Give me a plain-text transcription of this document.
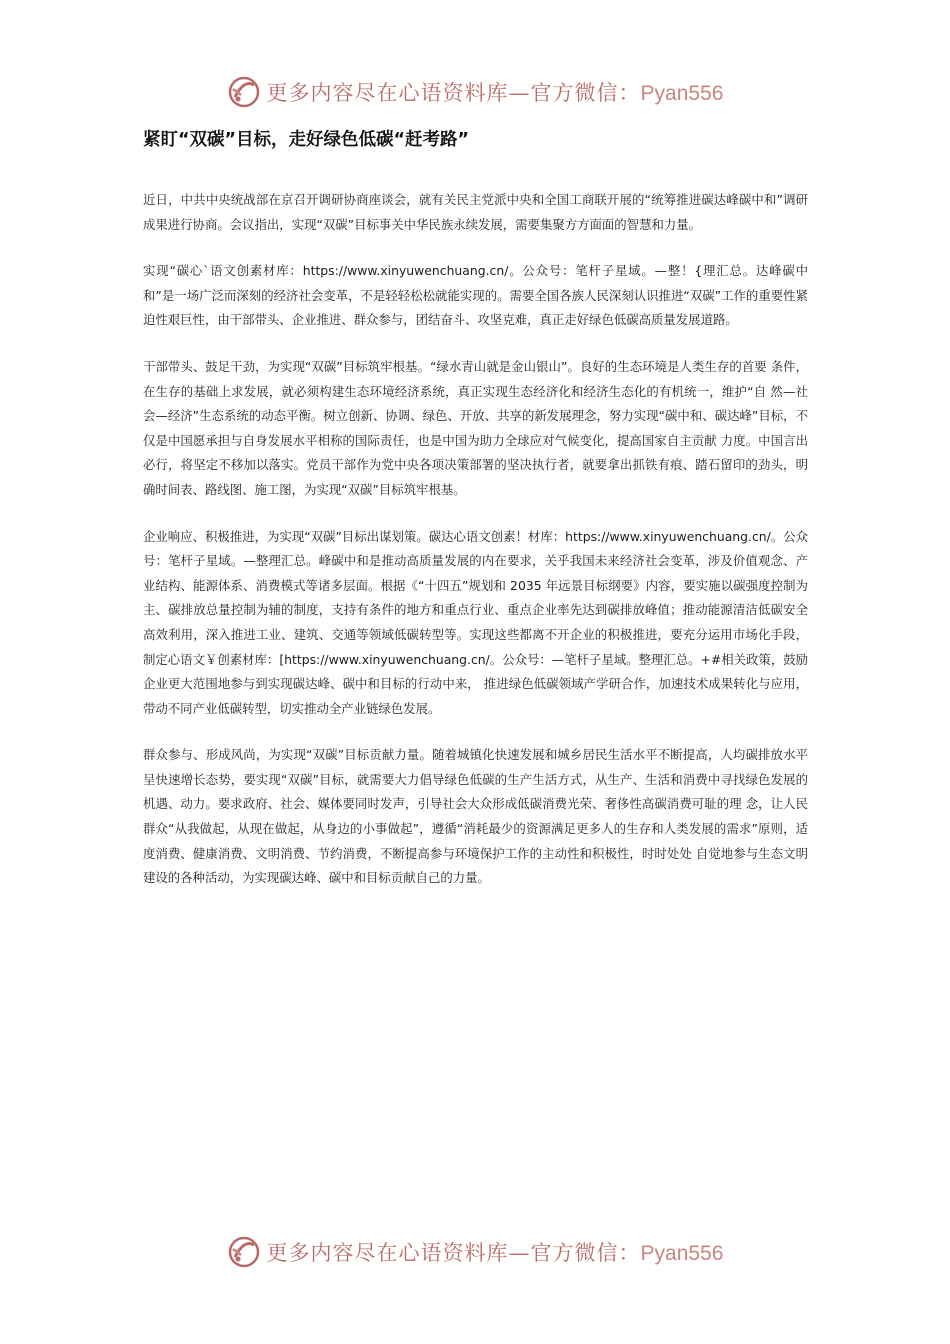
更多内容尽在心语资料库—官方微信：Pyan556
紧盯“双碳”目标，走好绿色低碳“赶考路”

近日，中共中央统战部在京召开调研协商座谈会，就有关民主党派中央和全国工商联开展的“统筹推进碳达峰碳中和”调研成果进行协商。会议指出，实现“双碳”目标事关中华民族永续发展，需要集聚方方面面的智慧和力量。

实现“碳心`语文创素材库：https://www.xinyuwenchuang.cn/。公众号：笔杆子星域。—整！{理汇总。达峰碳中和”是一场广泛而深刻的经济社会变革，不是轻轻松松就能实现的。需要全国各族人民深刻认识推进“双碳”工作的重要性紧迫性艰巨性，由干部带头、企业推进、群众参与，团结奋斗、攻坚克难，真正走好绿色低碳高质量发展道路。

干部带头、鼓足干劲，为实现“双碳”目标筑牢根基。“绿水青山就是金山银山”。良好的生态环境是人类生存的首要 条件，在生存的基础上求发展，就必须构建生态环境经济系统，真正实现生态经济化和经济生态化的有机统一，维护“自 然—社会—经济”生态系统的动态平衡。树立创新、协调、绿色、开放、共享的新发展理念，努力实现“碳中和、碳达峰”目标，不仅是中国愿承担与自身发展水平相称的国际责任，也是中国为助力全球应对气候变化，提高国家自主贡献 力度。中国言出必行，将坚定不移加以落实。党员干部作为党中央各项决策部署的坚决执行者，就要拿出抓铁有痕、踏石留印的劲头，明确时间表、路线图、施工图，为实现“双碳”目标筑牢根基。

企业响应、积极推进，为实现“双碳”目标出谋划策。碳达心语文创素！材库：https://www.xinyuwenchuang.cn/。公众号：笔杆子星域。—整理汇总。峰碳中和是推动高质量发展的内在要求，关乎我国未来经济社会变革，涉及价值观念、产业结构、能源体系、消费模式等诸多层面。根据《“十四五”规划和 2035 年远景目标纲要》内容，要实施以碳强度控制为主、碳排放总量控制为辅的制度，支持有条件的地方和重点行业、重点企业率先达到碳排放峰值；推动能源清洁低碳安全高效利用，深入推进工业、建筑、交通等领域低碳转型等。实现这些都离不开企业的积极推进，要充分运用市场化手段，制定心语文￥创素材库：[https://www.xinyuwenchuang.cn/。公众号：—笔杆子星域。整理汇总。+#相关政策，鼓励企业更大范围地参与到实现碳达峰、碳中和目标的行动中来， 推进绿色低碳领域产学研合作，加速技术成果转化与应用，带动不同产业低碳转型，切实推动全产业链绿色发展。

群众参与、形成风尚，为实现“双碳”目标贡献力量。随着城镇化快速发展和城乡居民生活水平不断提高，人均碳排放水平呈快速增长态势，要实现“双碳”目标，就需要大力倡导绿色低碳的生产生活方式，从生产、生活和消费中寻找绿色发展的机遇、动力。要求政府、社会、媒体要同时发声，引导社会大众形成低碳消费光荣、奢侈性高碳消费可耻的理 念，让人民群众“从我做起，从现在做起，从身边的小事做起”，遵循“消耗最少的资源满足更多人的生存和人类发展的需求”原则，适度消费、健康消费、文明消费、节约消费，不断提高参与环境保护工作的主动性和积极性，时时处处 自觉地参与生态文明建设的各种活动，为实现碳达峰、碳中和目标贡献自己的力量。

更多内容尽在心语资料库—官方微信：Pyan556
